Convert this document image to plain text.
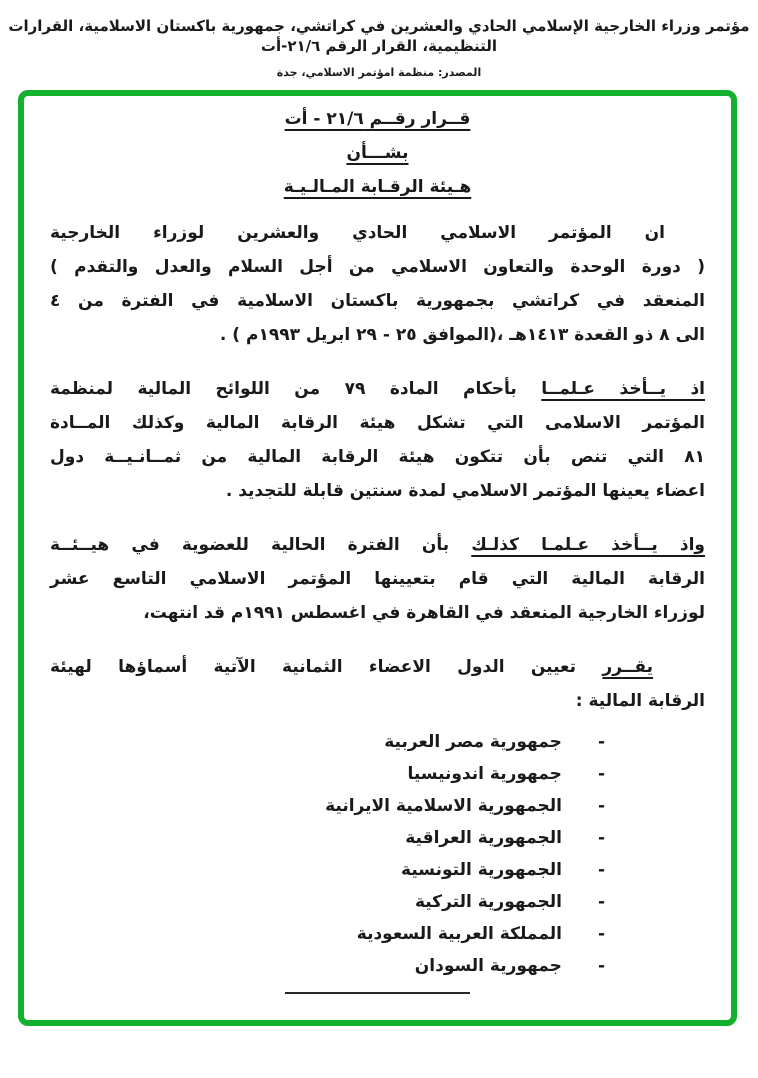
مؤتمر وزراء الخارجية الإسلامي الحادي والعشرين في كراتشي، جمهورية باكستان الاسلامية، القرارات التنظيمية، القرار الرقم ٢١/٦-أت
المصدر: منظمة امؤتمر الاسلامي، جدة
قــرار رقــم ٢١/٦ - أت
بشـــأن
هـيئة الرقـابة المـالـيـة
ان المؤتمر الاسلامي الحادي والعشرين لوزراء الخارجية
( دورة الوحدة والتعاون الاسلامي من أجل السلام والعدل والتقدم )
المنعقد في كراتشي بجمهورية باكستان الاسلامية في الفترة من ٤
الى ٨ ذو القعدة ١٤١٣هـ ،(الموافق ٢٥ - ٢٩ ابريل ١٩٩٣م ) .
اذ يــأخذ عـلمــا بأحكام المادة ٧٩ من اللوائح المالية لمنظمة
المؤتمر الاسلامى التي تشكل هيئة الرقابة المالية وكذلك المــادة
٨١ التي تنص بأن تتكون هيئة الرقابة المالية من ثمــانـيــة دول
اعضاء يعينها المؤتمر الاسلامي لمدة سنتين قابلة للتجديد .
واذ يــأخذ عـلمـا كذلـك بأن الفترة الحالية للعضوية في هيــئــة
الرقابة المالية التي قام بتعيينها المؤتمر الاسلامي التاسع عشر
لوزراء الخارجية المنعقد في القاهرة في اغسطس ١٩٩١م قد انتهت،
يقــرر تعيين الدول الاعضاء الثمانية الآتية أسماؤها لهيئة
الرقابة المالية :
-
جمهورية مصر العربية
-
جمهورية اندونيسيا
-
الجمهورية الاسلامية الايرانية
-
الجمهورية العراقية
-
الجمهورية التونسية
-
الجمهورية التركية
-
المملكة العربية السعودية
-
جمهورية السودان
